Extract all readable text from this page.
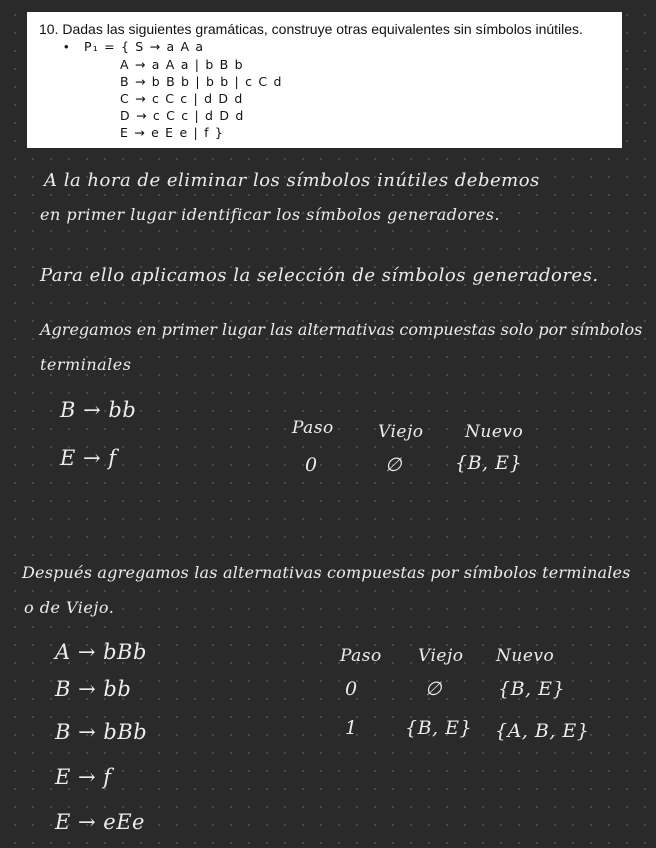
10. Dadas las siguientes gramáticas, construye otras equivalentes sin símbolos inútiles.
• P₁ = { S → a A a
A → a A a | b B b
B → b B b | b b | c C d
C → c C c | d D d
D → c C c | d D d
E → e E e | f }
A la hora de eliminar los símbolos inútiles debemos
en primer lugar identificar los símbolos generadores.
Para ello aplicamos la selección de símbolos generadores.
Agregamos en primer lugar las alternativas compuestas solo por símbolos
terminales
B → bb
E → f
Paso	Viejo Nuevo
0	∅	{B, E}
Después agregamos las alternativas compuestas por símbolos terminales
o de Viejo.
A → bBb
B → bb
B → bBb
E → f
E → eEe
Paso Viejo Nuevo
0	∅	{B, E}
1 {B, E} {A, B, E}
